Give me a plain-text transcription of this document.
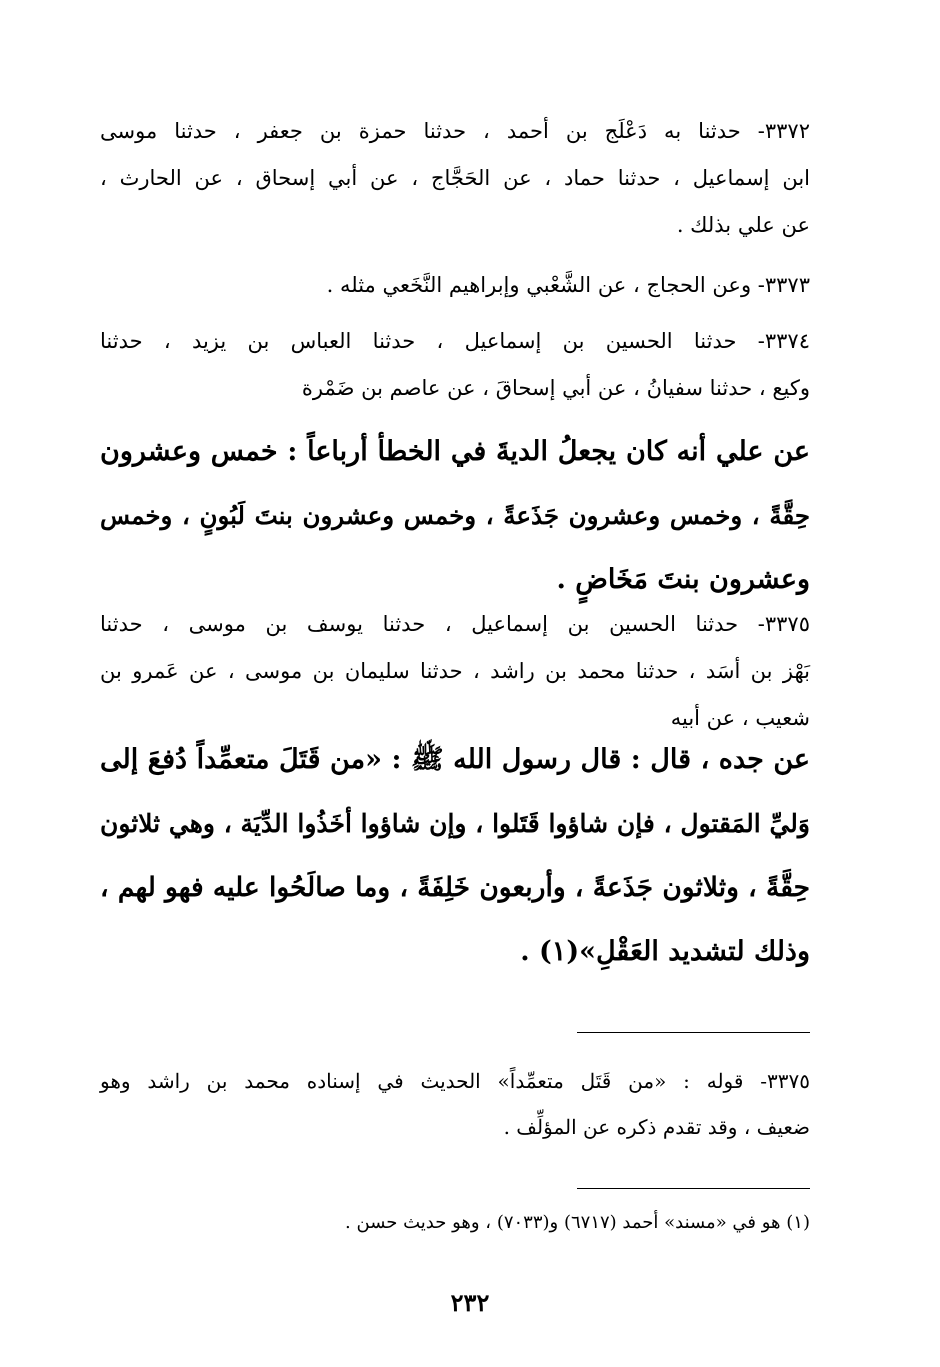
٣٣٧٢- حدثنا به دَعْلَج بن أحمد ، حدثنا حمزة بن جعفر ، حدثنا موسى
ابن إسماعيل ، حدثنا حماد ، عن الحَجَّاج ، عن أبي إسحاق ، عن الحارث ،
عن علي بذلك .
٣٣٧٣- وعن الحجاج ، عن الشَّعْبي وإبراهيم النَّخَعي مثله .
٣٣٧٤- حدثنا الحسين بن إسماعيل ، حدثنا العباس بن يزيد ، حدثنا
وكيع ، حدثنا سفيانُ ، عن أبي إسحاقَ ، عن عاصم بن ضَمْرة
عن علي أنه كان يجعلُ الديةَ في الخطأ أرباعاً : خمس وعشرون
حِقَّةً ، وخمس وعشرون جَذَعةً ، وخمس وعشرون بنتَ لَبُونٍ ، وخمس
وعشرون بنتَ مَخَاضٍ .
٣٣٧٥- حدثنا الحسين بن إسماعيل ، حدثنا يوسف بن موسى ، حدثنا
بَهْز بن أسَد ، حدثنا محمد بن راشد ، حدثنا سليمان بن موسى ، عن عَمرو بن
شعيب ، عن أبيه
عن جده ، قال : قال رسول الله ﷺ : «من قَتَلَ متعمِّداً دُفعَ إلى
وَليِّ المَقتول ، فإن شاؤوا قَتَلوا ، وإن شاؤوا أخَذُوا الدِّيَة ، وهي ثلاثون
حِقَّةً ، وثلاثون جَذَعةً ، وأربعون خَلِفَةً ، وما صالَحُوا عليه فهو لهم ،
وذلك لتشديد العَقْلِ»(١) .
٣٣٧٥- قوله : «من قَتَل متعمِّداً» الحديث في إسناده محمد بن راشد وهو
ضعيف ، وقد تقدم ذكره عن المؤلِّف .
(١) هو في «مسند» أحمد (٦٧١٧) و(٧٠٣٣) ، وهو حديث حسن .
٢٣٢
